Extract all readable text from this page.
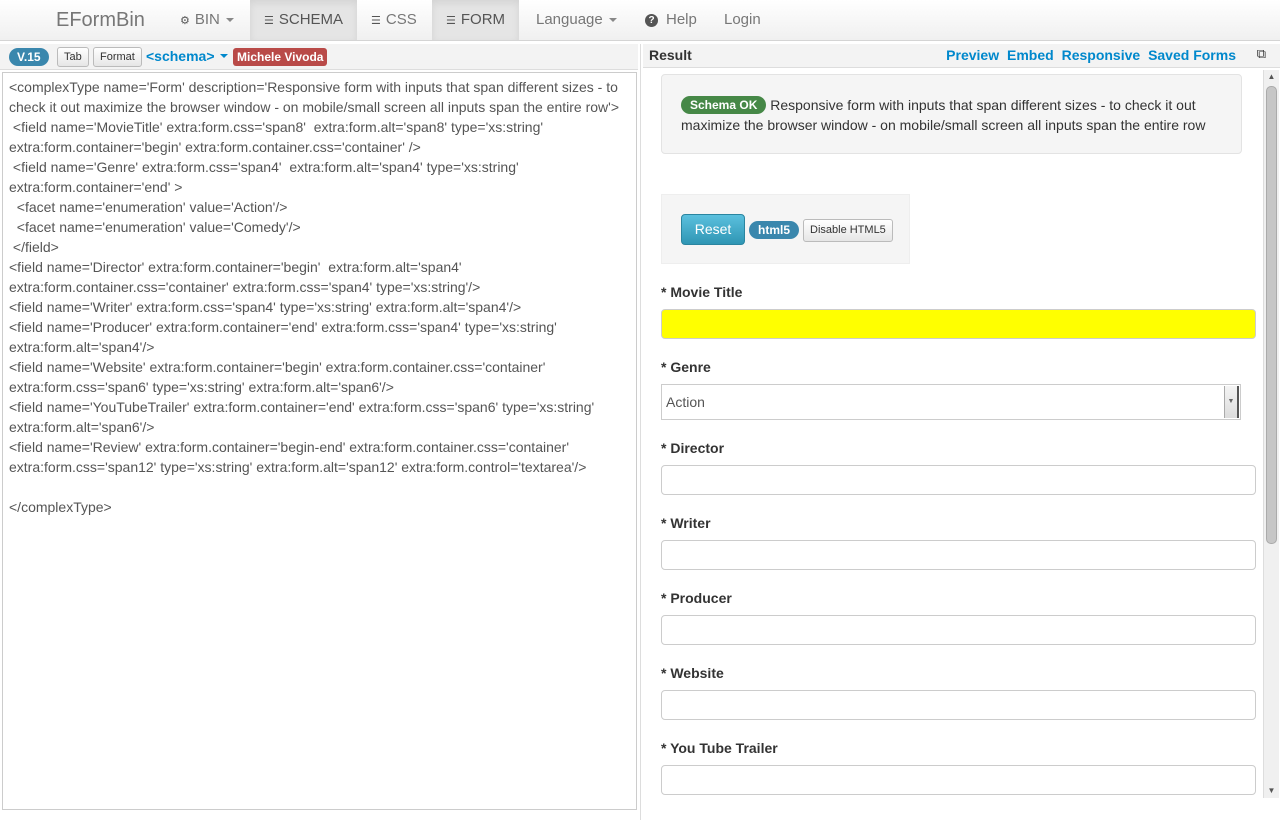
EFormBin	⚙ BIN	☰ SCHEMA	☰ CSS	☰ FORM	Language	? Help	Login
V.15	Tab	Format <schema>	Michele Vivoda
<complexType name='Form' description='Responsive form with inputs that span different sizes - to check it out maximize the browser window - on mobile/small screen all inputs span the entire row'>
<field name='MovieTitle' extra:form.css='span8'  extra:form.alt='span8' type='xs:string' extra:form.container='begin' extra:form.container.css='container' />
<field name='Genre' extra:form.css='span4'  extra:form.alt='span4' type='xs:string' extra:form.container='end' >
<facet name='enumeration' value='Action'/>
<facet name='enumeration' value='Comedy'/>
</field>
<field name='Director' extra:form.container='begin'  extra:form.alt='span4' extra:form.container.css='container' extra:form.css='span4' type='xs:string'/>
<field name='Writer' extra:form.css='span4' type='xs:string' extra:form.alt='span4'/>
<field name='Producer' extra:form.container='end' extra:form.css='span4' type='xs:string' extra:form.alt='span4'/>
<field name='Website' extra:form.container='begin' extra:form.container.css='container' extra:form.css='span6' type='xs:string' extra:form.alt='span6'/>
<field name='YouTubeTrailer' extra:form.container='end' extra:form.css='span6' type='xs:string' extra:form.alt='span6'/>
<field name='Review' extra:form.container='begin-end' extra:form.container.css='container' extra:form.css='span12' type='xs:string' extra:form.alt='span12' extra:form.control='textarea'/>

</complexType>
Result	Preview Embed Responsive Saved Forms ⧉
Schema OK Responsive form with inputs that span different sizes - to check it out maximize the browser window - on mobile/small screen all inputs span the entire row
Reset	html5	Disable HTML5
* Movie Title
* Genre
Action	▼
* Director
* Writer
* Producer
* Website
* You Tube Trailer
▲
▼
